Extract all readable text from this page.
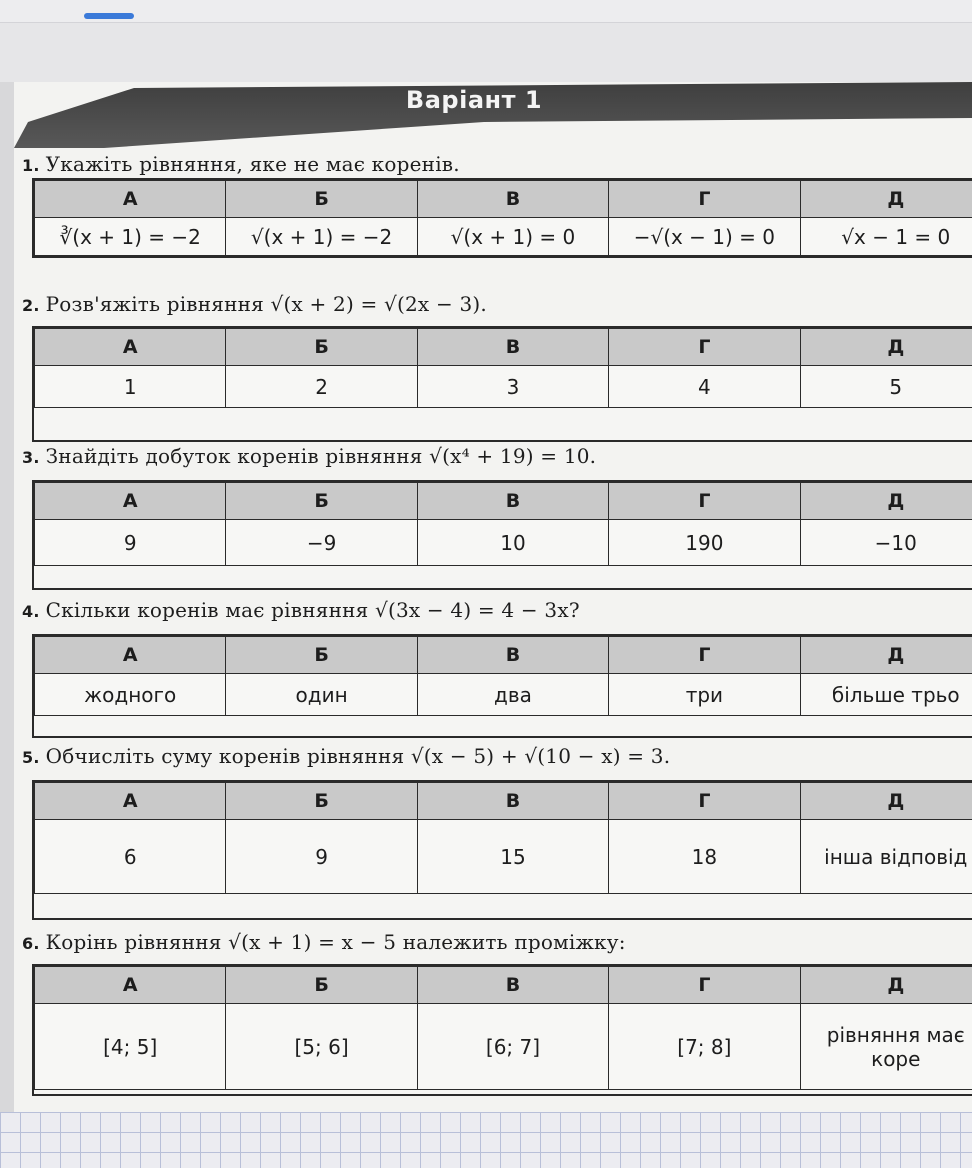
Варіант 1
1. Укажіть рівняння, яке не має коренів.
А	Б	В	Г	Д
∛(x + 1) = −2	√(x + 1) = −2	√(x + 1) = 0	−√(x − 1) = 0	√x − 1 = 0
2. Розв'яжіть рівняння √(x + 2) = √(2x − 3).
А	Б	В	Г	Д
1	2	3	4	5
3. Знайдіть добуток коренів рівняння √(x⁴ + 19) = 10.
А	Б	В	Г	Д
9	−9	10	190	−10
4. Скільки коренів має рівняння √(3x − 4) = 4 − 3x?
А	Б	В	Г	Д
жодного	один	два	три	більше трьо
5. Обчисліть суму коренів рівняння √(x − 5) + √(10 − x) = 3.
А	Б	В	Г	Д
6	9	15	18	інша відповід
6. Корінь рівняння √(x + 1) = x − 5 належить проміжку:
А	Б	В	Г	Д
[4; 5]	[5; 6]	[6; 7]	[7; 8]	рівняння має коре
